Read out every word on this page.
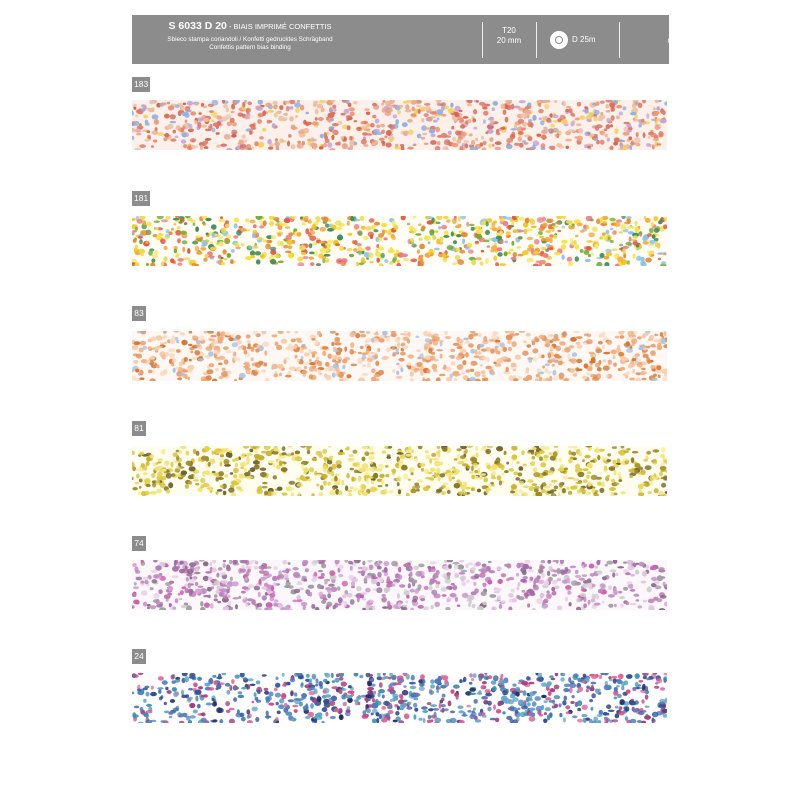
S 6033 D 20 - BIAIS IMPRIMÉ CONFETTIS
Sbieco stampa coriandoli / Konfetti gedrucktes Schrägband
Confettis pattern bias binding
T20
20 mm	D 25m
100% CO :
Cotone / Baumwolle / Cotton
183
181
83
81
74
24
